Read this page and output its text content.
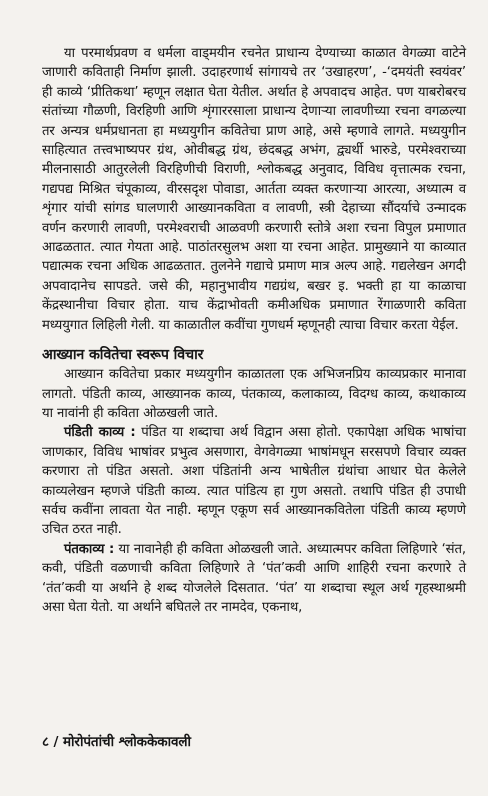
या परमार्थप्रवण व धर्मला वाड्मयीन रचनेत प्राधान्य देण्याच्या काळात वेगळ्या वाटेने जाणारी कविताही निर्माण झाली. उदाहरणार्थ सांगायचे तर ‘उखाहरण’, -‘दमयंती स्वयंवर’ ही काव्ये ‘प्रीतिकथा’ म्हणून लक्षात घेता येतील. अर्थात हे अपवादच आहेत. पण याबरोबरच संतांच्या गौळणी, विरहिणी आणि शृंगाररसाला प्राधान्य देणाऱ्या लावणीच्या रचना वगळल्या तर अन्यत्र धर्मप्रधानता हा मध्ययुगीन कवितेचा प्राण आहे, असे म्हणावे लागते. मध्ययुगीन साहित्यात तत्त्वभाष्यपर ग्रंथ, ओवीबद्ध ग्रंथ, छंदबद्ध अभंग, द्व्यर्थी भारुडे, परमेश्वराच्या मीलनासाठी आतुरलेली विरहिणीची विराणी, श्लोकबद्ध अनुवाद, विविध वृत्तात्मक रचना, गद्यपद्य मिश्रित चंपूकाव्य, वीरसदृश पोवाडा, आर्तता व्यक्त करणाऱ्या आरत्या, अध्यात्म व शृंगार यांची सांगड घालणारी आख्यानकविता व लावणी, स्त्री देहाच्या सौंदर्याचे उन्मादक वर्णन करणारी लावणी, परमेश्वराची आळवणी करणारी स्तोत्रे अशा रचना विपुल प्रमाणात आढळतात. त्यात गेयता आहे. पाठांतरसुलभ अशा या रचना आहेत. प्रामुख्याने या काव्यात पद्यात्मक रचना अधिक आढळतात. तुलनेने गद्याचे प्रमाण मात्र अल्प आहे. गद्यलेखन अगदी अपवादानेच सापडते. जसे की, महानुभावीय गद्यग्रंथ, बखर इ. भक्ती हा या काळाचा केंद्रस्थानीचा विचार होता. याच केंद्राभोवती कमीअधिक प्रमाणात रेंगाळणारी कविता मध्ययुगात लिहिली गेली. या काळातील कवींचा गुणधर्म म्हणूनही त्याचा विचार करता येईल.

आख्यान कवितेचा स्वरूप विचार

आख्यान कवितेचा प्रकार मध्ययुगीन काळातला एक अभिजनप्रिय काव्यप्रकार मानावा लागतो. पंडिती काव्य, आख्यानक काव्य, पंतकाव्य, कलाकाव्य, विदग्ध काव्य, कथाकाव्य या नावांनी ही कविता ओळखली जाते.

पंडिती काव्य : पंडित या शब्दाचा अर्थ विद्वान असा होतो. एकापेक्षा अधिक भाषांचा जाणकार, विविध भाषांवर प्रभुत्व असणारा, वेगवेगळ्या भाषांमधून सरसपणे विचार व्यक्त करणारा तो पंडित असतो. अशा पंडितांनी अन्य भाषेतील ग्रंथांचा आधार घेत केलेले काव्यलेखन म्हणजे पंडिती काव्य. त्यात पांडित्य हा गुण असतो. तथापि पंडित ही उपाधी सर्वच कवींना लावता येत नाही. म्हणून एकूण सर्व आख्यानकवितेला पंडिती काव्य म्हणणे उचित ठरत नाही.

पंतकाव्य : या नावानेही ही कविता ओळखली जाते. अध्यात्मपर कविता लिहिणारे ‘संत, कवी, पंडिती वळणाची कविता लिहिणारे ते ‘पंत’कवी आणि शाहिरी रचना करणारे ते ‘तंत’कवी या अर्थाने हे शब्द योजलेले दिसतात. ‘पंत’ या शब्दाचा स्थूल अर्थ गृहस्थाश्रमी असा घेता येतो. या अर्थाने बघितले तर नामदेव, एकनाथ,

८ / मोरोपंतांची श्लोककेकावली
